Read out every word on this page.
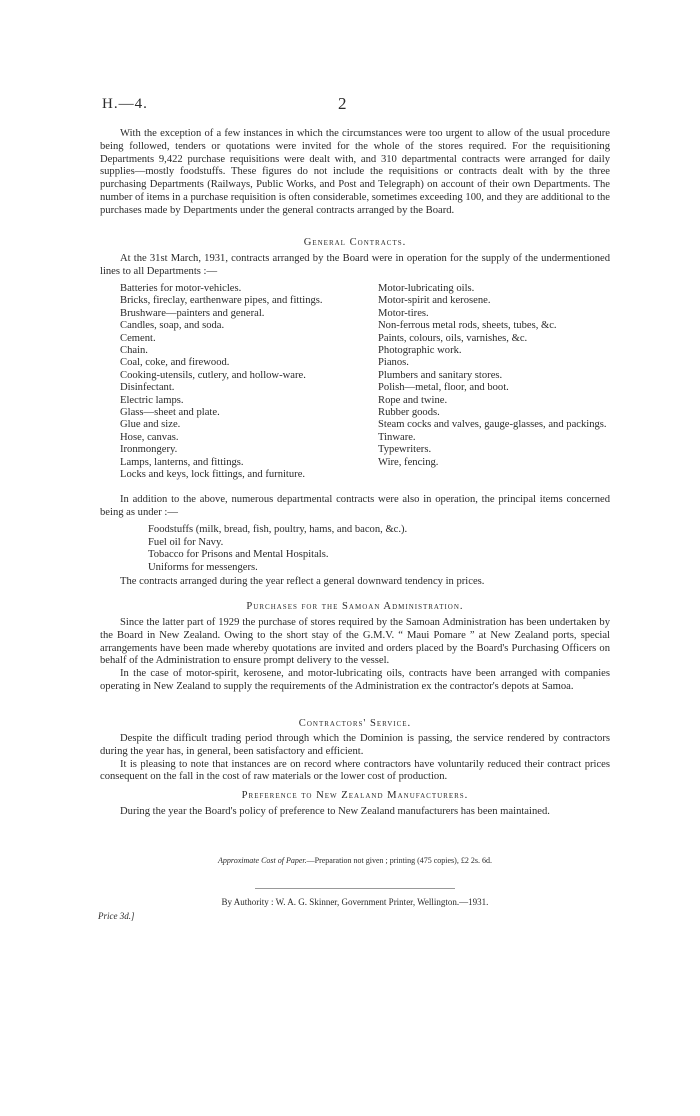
H.—4.	2

With the exception of a few instances in which the circumstances were too urgent to allow of the usual procedure being followed, tenders or quotations were invited for the whole of the stores required. For the requisitioning Departments 9,422 purchase requisitions were dealt with, and 310 departmental contracts were arranged for daily supplies—mostly foodstuffs. These figures do not include the requisitions or contracts dealt with by the three purchasing Departments (Railways, Public Works, and Post and Telegraph) on account of their own Departments. The number of items in a purchase requisition is often considerable, sometimes exceeding 100, and they are additional to the purchases made by Departments under the general contracts arranged by the Board.

General Contracts.

At the 31st March, 1931, contracts arranged by the Board were in operation for the supply of the undermentioned lines to all Departments :—

Batteries for motor-vehicles.
Bricks, fireclay, earthenware pipes, and fittings.
Brushware—painters and general.
Candles, soap, and soda.
Cement.
Chain.
Coal, coke, and firewood.
Cooking-utensils, cutlery, and hollow-ware.
Disinfectant.
Electric lamps.
Glass—sheet and plate.
Glue and size.
Hose, canvas.
Ironmongery.
Lamps, lanterns, and fittings.
Locks and keys, lock fittings, and furniture.
Motor-lubricating oils.
Motor-spirit and kerosene.
Motor-tires.
Non-ferrous metal rods, sheets, tubes, &c.
Paints, colours, oils, varnishes, &c.
Photographic work.
Pianos.
Plumbers and sanitary stores.
Polish—metal, floor, and boot.
Rope and twine.
Rubber goods.
Steam cocks and valves, gauge-glasses, and packings.
Tinware.
Typewriters.
Wire, fencing.

In addition to the above, numerous departmental contracts were also in operation, the principal items concerned being as under :—

Foodstuffs (milk, bread, fish, poultry, hams, and bacon, &c.).
Fuel oil for Navy.
Tobacco for Prisons and Mental Hospitals.
Uniforms for messengers.

The contracts arranged during the year reflect a general downward tendency in prices.

Purchases for the Samoan Administration.

Since the latter part of 1929 the purchase of stores required by the Samoan Administration has been undertaken by the Board in New Zealand. Owing to the short stay of the G.M.V. “ Maui Pomare ” at New Zealand ports, special arrangements have been made whereby quotations are invited and orders placed by the Board's Purchasing Officers on behalf of the Administration to ensure prompt delivery to the vessel.

In the case of motor-spirit, kerosene, and motor-lubricating oils, contracts have been arranged with companies operating in New Zealand to supply the requirements of the Administration ex the contractor's depots at Samoa.

Contractors' Service.

Despite the difficult trading period through which the Dominion is passing, the service rendered by contractors during the year has, in general, been satisfactory and efficient.

It is pleasing to note that instances are on record where contractors have voluntarily reduced their contract prices consequent on the fall in the cost of raw materials or the lower cost of production.

Preference to New Zealand Manufacturers.

During the year the Board's policy of preference to New Zealand manufacturers has been maintained.

Approximate Cost of Paper.—Preparation not given ; printing (475 copies), £2 2s. 6d.
By Authority : W. A. G. Skinner, Government Printer, Wellington.—1931.
Price 3d.]
